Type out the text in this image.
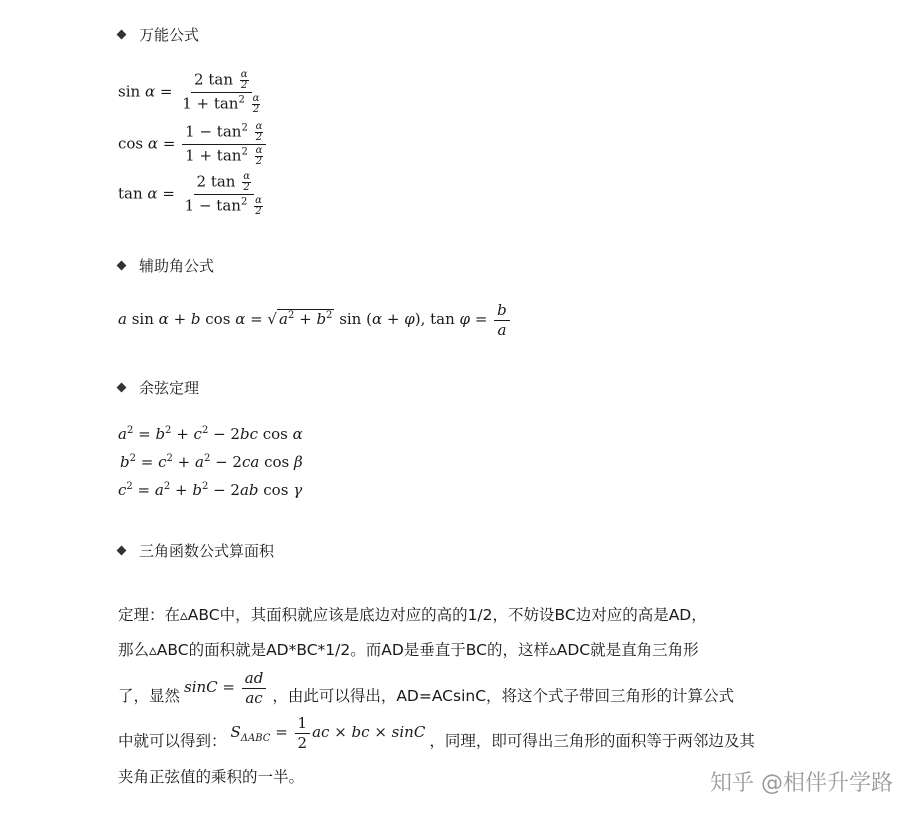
万能公式
$\sin \alpha = \frac{2 \tan \frac{\alpha}{2}}{1 + \tan^2 \frac{\alpha}{2}}$
$\cos \alpha = \frac{1 - \tan^2 \frac{\alpha}{2}}{1 + \tan^2 \frac{\alpha}{2}}$
$\tan \alpha = \frac{2 \tan \frac{\alpha}{2}}{1 - \tan^2 \frac{\alpha}{2}}$
辅助角公式
a sin α + b cos α = √ $a^2 + b^2$ sin (α + φ), $\tan \varphi = \frac{b}{a}$
余弦定理
$a^2 = b^2 + c^2 - 2bc$ cos α
$b^2 = c^2 + a^2 - 2ca$ cos β
$c^2 = a^2 + b^2 - 2ab$ cos γ
三角函数公式算面积
定理：在▵ABC中，其面积就应该是底边对应的高的1/2，不妨设BC边对应的高是AD，
那么▵ABC的面积就是AD*BC*1/2。而AD是垂直于BC的，这样▵ADC就是直角三角形
了，显然
$\sin C = \frac{ad}{ac}$ ，由此可以得出，AD=ACsinC，将这个式子带回三角形的计算公式
中就可以得到：
$S_{\Delta ABC} = \frac{1}{2}$ ac × bc × sinC
，同理，即可得出三角形的面积等于两邻边及其
夹角正弦值的乘积的一半。	知乎 @相伴升学路
